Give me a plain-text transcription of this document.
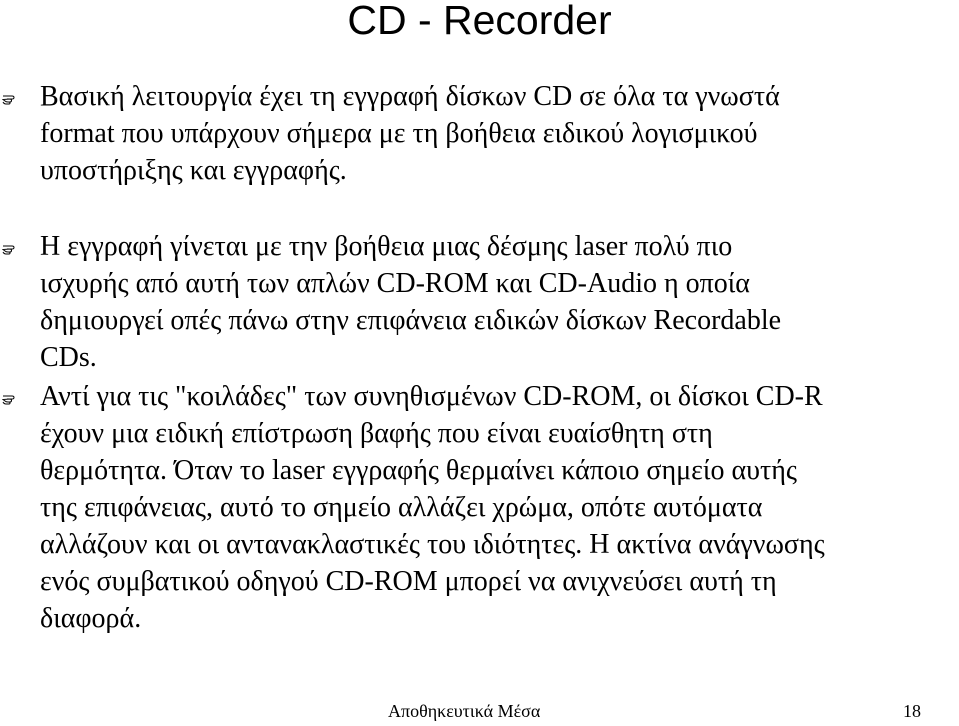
CD - Recorder
Βασική λειτουργία έχει τη εγγραφή δίσκων CD σε όλα τα γνωστά
format που υπάρχουν σήμερα με τη βοήθεια ειδικού λογισμικού
υποστήριξης και εγγραφής.
Η εγγραφή γίνεται με την βοήθεια μιας δέσμης laser πολύ πιο
ισχυρής από αυτή των απλών CD-ROM και CD-Audio η οποία
δημιουργεί οπές πάνω στην επιφάνεια ειδικών δίσκων Recordable
CDs.
Αντί για τις "κοιλάδες" των συνηθισμένων CD-ROM, οι δίσκοι CD-R
έχουν μια ειδική επίστρωση βαφής που είναι ευαίσθητη στη
θερμότητα. Όταν το laser εγγραφής θερμαίνει κάποιο σημείο αυτής
της επιφάνειας, αυτό το σημείο αλλάζει χρώμα, οπότε αυτόματα
αλλάζουν και οι αντανακλαστικές του ιδιότητες. Η ακτίνα ανάγνωσης
ενός συμβατικού οδηγού CD-ROM μπορεί να ανιχνεύσει αυτή τη
διαφορά.
Αποθηκευτικά Μέσα	18
